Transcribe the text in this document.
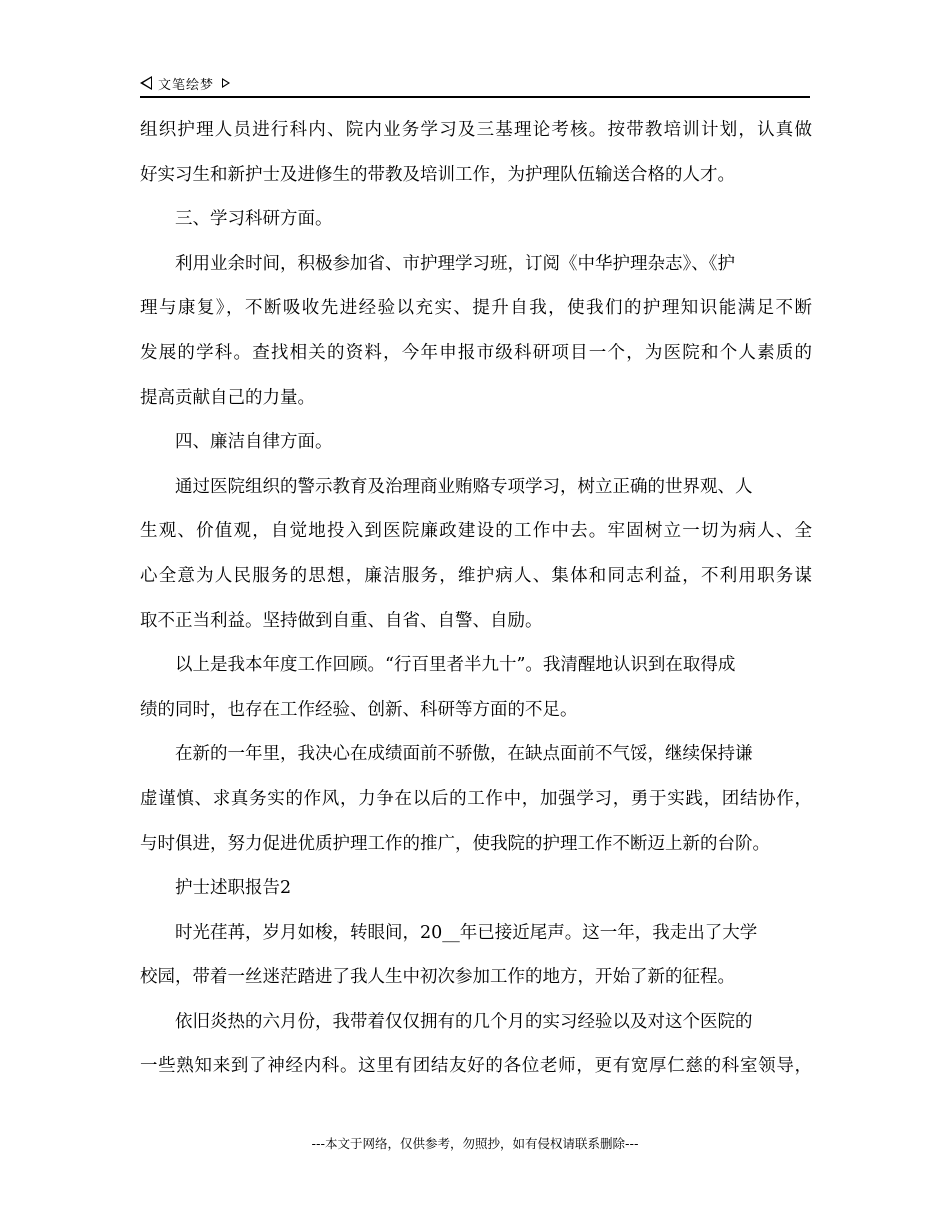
文笔绘梦
组织护理人员进行科内、院内业务学习及三基理论考核。按带教培训计划，认真做
好实习生和新护士及进修生的带教及培训工作，为护理队伍输送合格的人才。
三、学习科研方面。
利用业余时间，积极参加省、市护理学习班，订阅《中华护理杂志》、《护
理与康复》，不断吸收先进经验以充实、提升自我，使我们的护理知识能满足不断
发展的学科。查找相关的资料，今年申报市级科研项目一个，为医院和个人素质的
提高贡献自己的力量。
四、廉洁自律方面。
通过医院组织的警示教育及治理商业贿赂专项学习，树立正确的世界观、人
生观、价值观，自觉地投入到医院廉政建设的工作中去。牢固树立一切为病人、全
心全意为人民服务的思想，廉洁服务，维护病人、集体和同志利益，不利用职务谋
取不正当利益。坚持做到自重、自省、自警、自励。
以上是我本年度工作回顾。“行百里者半九十”。我清醒地认识到在取得成
绩的同时，也存在工作经验、创新、科研等方面的不足。
在新的一年里，我决心在成绩面前不骄傲，在缺点面前不气馁，继续保持谦
虚谨慎、求真务实的作风，力争在以后的工作中，加强学习，勇于实践，团结协作，
与时俱进，努力促进优质护理工作的推广，使我院的护理工作不断迈上新的台阶。
护士述职报告2
时光荏苒，岁月如梭，转眼间，20__年已接近尾声。这一年，我走出了大学
校园，带着一丝迷茫踏进了我人生中初次参加工作的地方，开始了新的征程。
依旧炎热的六月份，我带着仅仅拥有的几个月的实习经验以及对这个医院的
一些熟知来到了神经内科。这里有团结友好的各位老师，更有宽厚仁慈的科室领导，
---本文于网络，仅供参考，勿照抄，如有侵权请联系删除---
